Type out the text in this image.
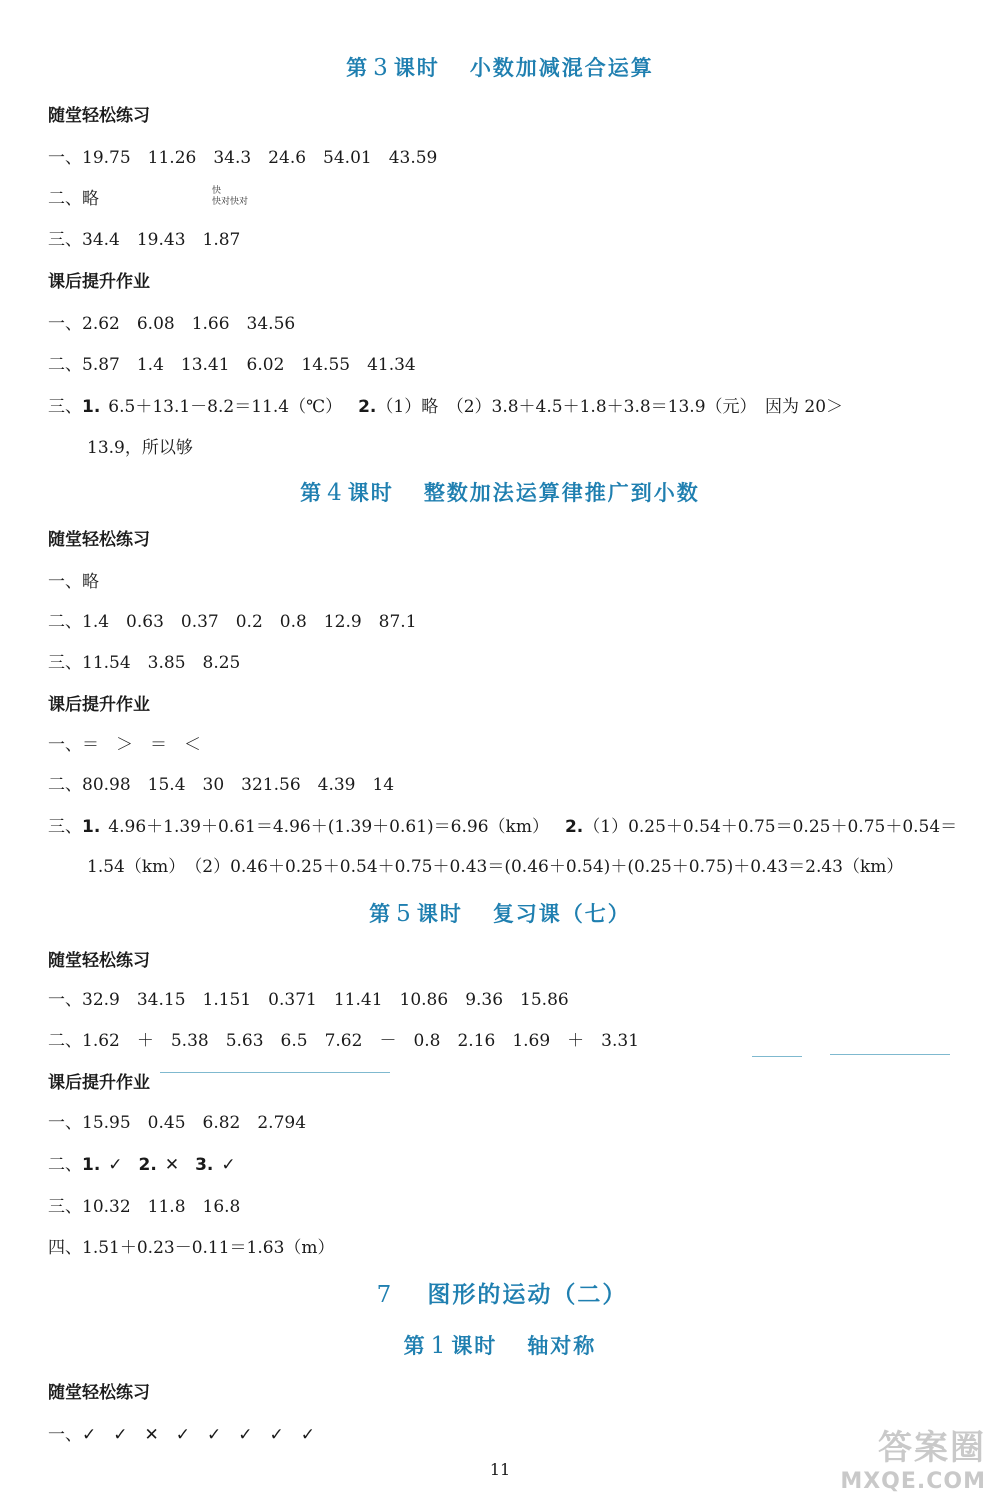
第 3 课时 小数加减混合运算
随堂轻松练习
一、19.75　11.26　34.3　24.6　54.01　43.59
二、略	快
快对快对
三、34.4　19.43　1.87
课后提升作业
一、2.62　6.08　1.66　34.56
二、5.87　1.4　13.41　6.02　14.55　41.34
三、1. 6.5＋13.1－8.2＝11.4（℃） 2.（1）略　（2）3.8＋4.5＋1.8＋3.8＝13.9（元）　因为 20＞
13.9，所以够
第 4 课时 整数加法运算律推广到小数
随堂轻松练习
一、略
二、1.4　0.63　0.37　0.2　0.8　12.9　87.1
三、11.54　3.85　8.25
课后提升作业
一、＝　＞　＝　＜
二、80.98　15.4　30　321.56　4.39　14
三、1. 4.96＋1.39＋0.61＝4.96＋(1.39＋0.61)＝6.96（km） 2.（1）0.25＋0.54＋0.75＝0.25＋0.75＋0.54＝
1.54（km）　（2）0.46＋0.25＋0.54＋0.75＋0.43＝(0.46＋0.54)＋(0.25＋0.75)＋0.43＝2.43（km）
第 5 课时 复习课（七）
随堂轻松练习
一、32.9　34.15　1.151　0.371　11.41　10.86　9.36　15.86
二、1.62　＋　5.38　5.63　6.5　7.62　－　0.8　2.16　1.69　＋　3.31
课后提升作业
一、15.95　0.45　6.82　2.794
二、1. ✓ 2. ✕ 3. ✓
三、10.32　11.8　16.8
四、1.51＋0.23－0.11＝1.63（m）
7 图形的运动（二）
第 1 课时 轴对称
随堂轻松练习
一、✓　✓　✕　✓　✓　✓　✓　✓
11
答案圈
MXQE.COM
